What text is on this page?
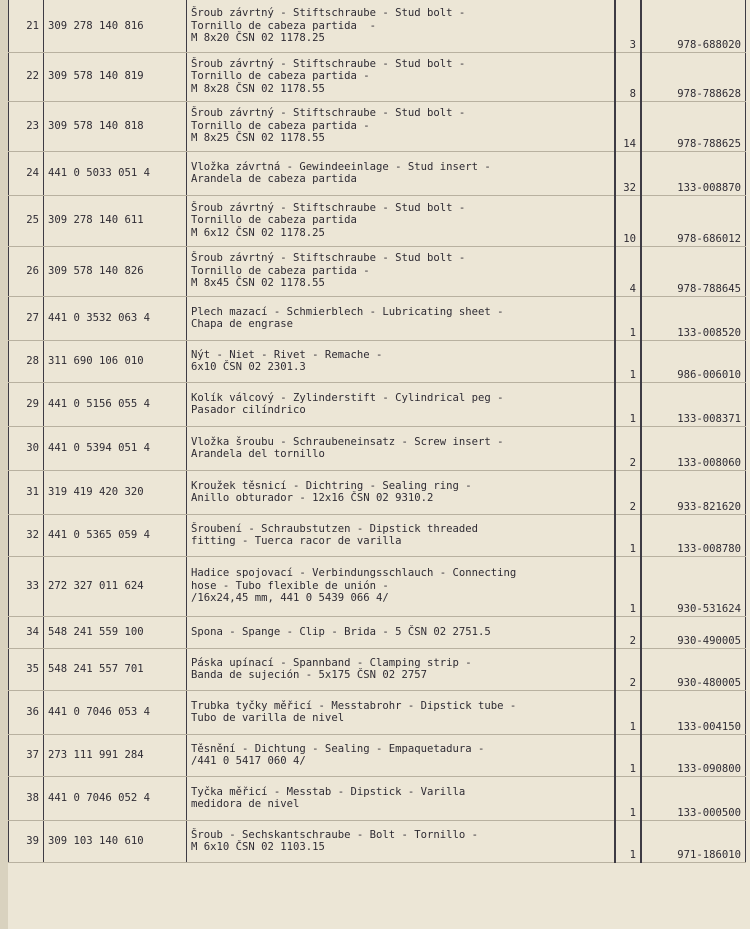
21	309 278 140 816	Šroub závrtný - Stiftschraube - Stud bolt -
Tornillo de cabeza partida  -
M 8x20 ČSN 02 1178.25	3	978-688020
22	309 578 140 819	Šroub závrtný - Stiftschraube - Stud bolt -
Tornillo de cabeza partida -
M 8x28 ČSN 02 1178.55	8	978-788628
23	309 578 140 818	Šroub závrtný - Stiftschraube - Stud bolt -
Tornillo de cabeza partida -
M 8x25 ČSN 02 1178.55	14	978-788625
24	441 0 5033 051 4	Vložka závrtná - Gewindeeinlage - Stud insert -
Arandela de cabeza partida	32	133-008870
25	309 278 140 611	Šroub závrtný - Stiftschraube - Stud bolt -
Tornillo de cabeza partida
M 6x12 ČSN 02 1178.25	10	978-686012
26	309 578 140 826	Šroub závrtný - Stiftschraube - Stud bolt -
Tornillo de cabeza partida -
M 8x45 ČSN 02 1178.55	4	978-788645
27	441 0 3532 063 4	Plech mazací - Schmierblech - Lubricating sheet -
Chapa de engrase	1	133-008520
28	311 690 106 010	Nýt - Niet - Rivet - Remache -
6x10 ČSN 02 2301.3	1	986-006010
29	441 0 5156 055 4	Kolík válcový - Zylinderstift - Cylindrical peg -
Pasador cilíndrico	1	133-008371
30	441 0 5394 051 4	Vložka šroubu - Schraubeneinsatz - Screw insert -
Arandela del tornillo	2	133-008060
31	319 419 420 320	Kroužek těsnicí - Dichtring - Sealing ring -
Anillo obturador - 12x16 ČSN 02 9310.2	2	933-821620
32	441 0 5365 059 4	Šroubení - Schraubstutzen - Dipstick threaded
fitting - Tuerca racor de varilla	1	133-008780
33	272 327 011 624	Hadice spojovací - Verbindungsschlauch - Connecting
hose - Tubo flexible de unión -
/16x24,45 mm, 441 0 5439 066 4/	1	930-531624
34	548 241 559 100	Spona - Spange - Clip - Brida - 5 ČSN 02 2751.5	2	930-490005
35	548 241 557 701	Páska upínací - Spannband - Clamping strip -
Banda de sujeción - 5x175 ČSN 02 2757	2	930-480005
36	441 0 7046 053 4	Trubka tyčky měřicí - Messtabrohr - Dipstick tube -
Tubo de varilla de nivel	1	133-004150
37	273 111 991 284	Těsnění - Dichtung - Sealing - Empaquetadura -
/441 0 5417 060 4/	1	133-090800
38	441 0 7046 052 4	Tyčka měřicí - Messtab - Dipstick - Varilla
medidora de nivel	1	133-000500
39	309 103 140 610	Šroub - Sechskantschraube - Bolt - Tornillo -
M 6x10 ČSN 02 1103.15	1	971-186010
